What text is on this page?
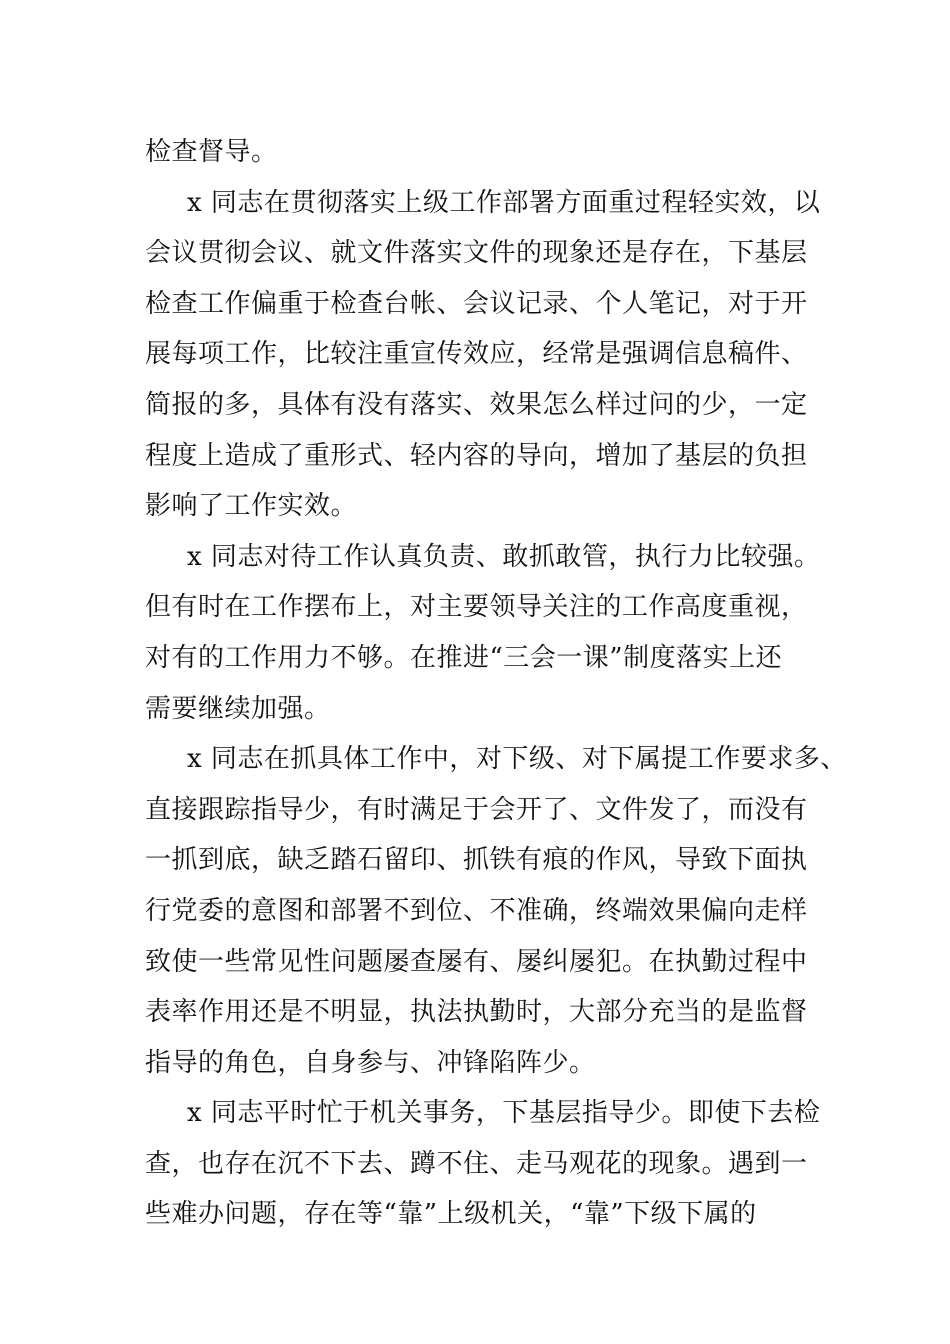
检查督导。
x 同志在贯彻落实上级工作部署方面重过程轻实效，以
会议贯彻会议、就文件落实文件的现象还是存在，下基层
检查工作偏重于检查台帐、会议记录、个人笔记，对于开
展每项工作，比较注重宣传效应，经常是强调信息稿件、
简报的多，具体有没有落实、效果怎么样过问的少，一定
程度上造成了重形式、轻内容的导向，增加了基层的负担
影响了工作实效。
x 同志对待工作认真负责、敢抓敢管，执行力比较强。
但有时在工作摆布上，对主要领导关注的工作高度重视，
对有的工作用力不够。在推进“三会一课”制度落实上还
需要继续加强。
x 同志在抓具体工作中，对下级、对下属提工作要求多、
直接跟踪指导少，有时满足于会开了、文件发了，而没有
一抓到底，缺乏踏石留印、抓铁有痕的作风，导致下面执
行党委的意图和部署不到位、不准确，终端效果偏向走样
致使一些常见性问题屡查屡有、屡纠屡犯。在执勤过程中
表率作用还是不明显，执法执勤时，大部分充当的是监督
指导的角色，自身参与、冲锋陷阵少。
x 同志平时忙于机关事务，下基层指导少。即使下去检
查，也存在沉不下去、蹲不住、走马观花的现象。遇到一
些难办问题，存在等“靠”上级机关，“靠”下级下属的
